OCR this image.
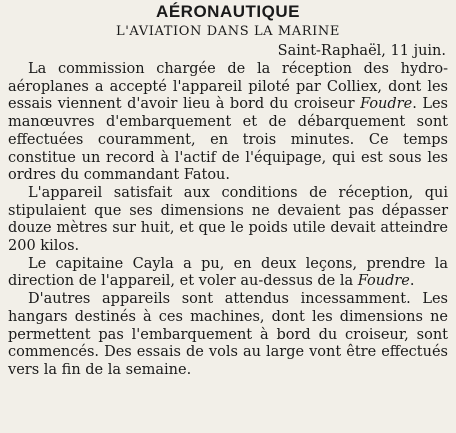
AÉRONAUTIQUE
L'AVIATION DANS LA MARINE
Saint-Raphaël, 11 juin.

La commission chargée de la réception des hydro-aéroplanes a accepté l'appareil piloté par Colliex, dont les essais viennent d'avoir lieu à bord du croiseur Foudre. Les manœuvres d'embarquement et de débarquement sont effectuées couramment, en trois minutes. Ce temps constitue un record à l'actif de l'équipage, qui est sous les ordres du commandant Fatou.

L'appareil satisfait aux conditions de réception, qui stipulaient que ses dimensions ne devaient pas dépasser douze mètres sur huit, et que le poids utile devait atteindre 200 kilos.

Le capitaine Cayla a pu, en deux leçons, prendre la direction de l'appareil, et voler au-dessus de la Foudre.

D'autres appareils sont attendus incessamment. Les hangars destinés à ces machines, dont les dimensions ne permettent pas l'embarquement à bord du croiseur, sont commencés. Des essais de vols au large vont être effectués vers la fin de la semaine.
